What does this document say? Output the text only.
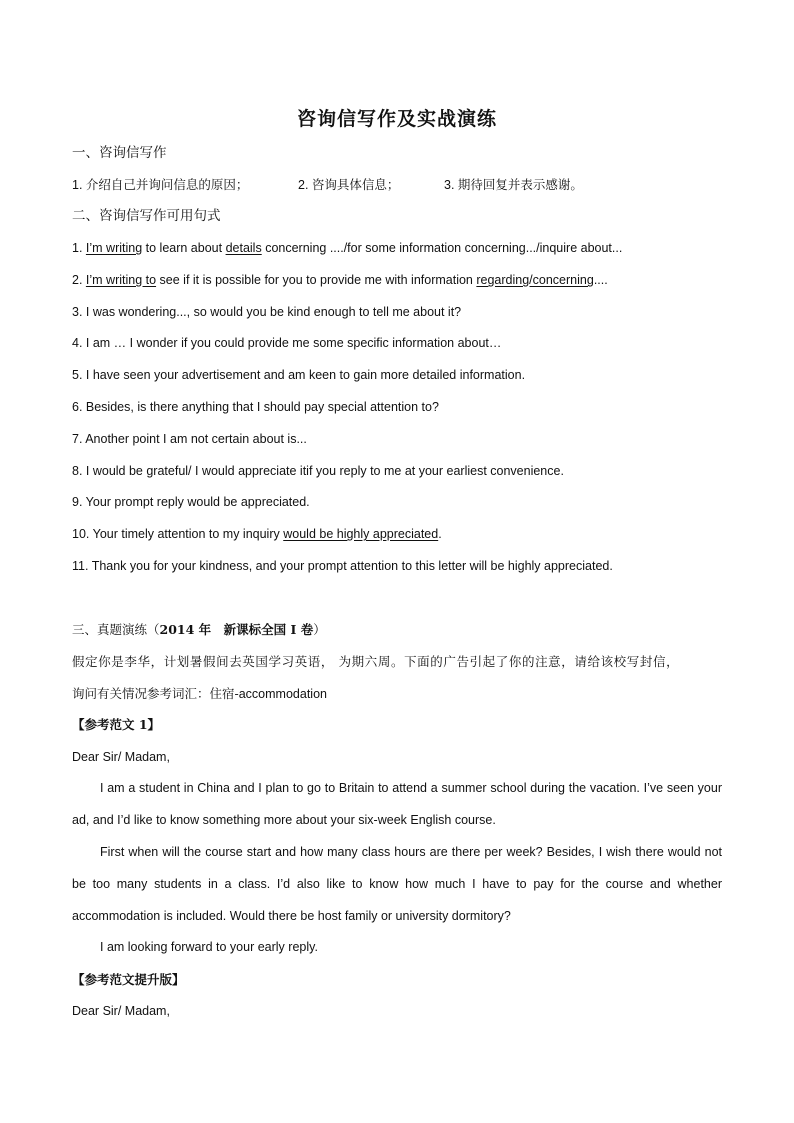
咨询信写作及实战演练
一、咨询信写作
1. 介绍自己并询问信息的原因；	2. 咨询具体信息；	3. 期待回复并表示感谢。
二、咨询信写作可用句式
1. I’m writing to learn about details concerning ..../for some information concerning.../inquire about...
2. I’m writing to see if it is possible for you to provide me with information regarding/concerning....
3. I was wondering..., so would you be kind enough to tell me about it?
4. I am … I wonder if you could provide me some specific information about…
5. I have seen your advertisement and am keen to gain more detailed information.
6. Besides, is there anything that I should pay special attention to?
7. Another point I am not certain about is...
8. I would be grateful/ I would appreciate itif you reply to me at your earliest convenience.
9. Your prompt reply would be appreciated.
10. Your timely attention to my inquiry would be highly appreciated.
11. Thank you for your kindness, and your prompt attention to this letter will be highly appreciated.
三、真题演练（2014 年　新课标全国 I 卷）
假定你是李华，计划暑假间去英国学习英语， 为期六周。下面的广告引起了你的注意，请给该校写封信，
询问有关情况参考词汇：住宿-accommodation
【参考范文 1】
Dear Sir/ Madam,
I am a student in China and I plan to go to Britain to attend a summer school during the vacation. I’ve seen your ad, and I’d like to know something more about your six-week English course.
First when will the course start and how many class hours are there per week? Besides, I wish there would not be too many students in a class. I’d also like to know how much I have to pay for the course and whether accommodation is included. Would there be host family or university dormitory?
I am looking forward to your early reply.
【参考范文提升版】
Dear Sir/ Madam,
